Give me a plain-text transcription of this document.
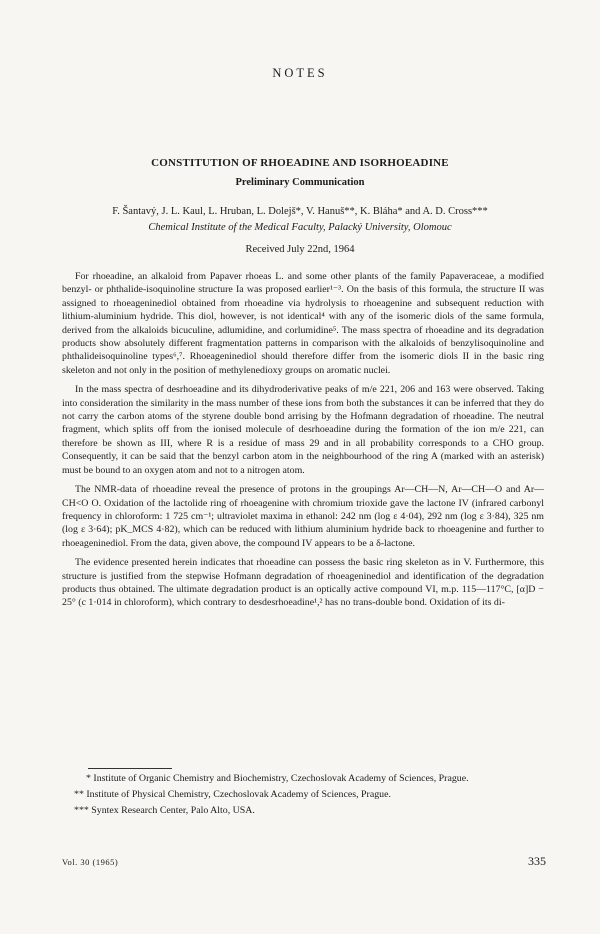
NOTES
CONSTITUTION OF RHOEADINE AND ISORHOEADINE
Preliminary Communication
F. Šantavý, J. L. Kaul, L. Hruban, L. Dolejš*, V. Hanuš**, K. Bláha* and A. D. Cross***
Chemical Institute of the Medical Faculty, Palacký University, Olomouc
Received July 22nd, 1964

For rhoeadine, an alkaloid from Papaver rhoeas L. and some other plants of the family Papaveraceae, a modified benzyl- or phthalide-isoquinoline structure Ia was proposed earlier¹⁻³. On the basis of this formula, the structure II was assigned to rhoeageninediol obtained from rhoeadine via hydrolysis to rhoeagenine and subsequent reduction with lithium-aluminium hydride. This diol, however, is not identical⁴ with any of the isomeric diols of the same formula, derived from the alkaloids bicuculine, adlumidine, and corlumidine⁵. The mass spectra of rhoeadine and its degradation products show absolutely different fragmentation patterns in comparison with the alkaloids of benzylisoquinoline and phthalideisoquinoline types⁶,⁷. Rhoeageninediol should therefore differ from the isomeric diols II in the basic ring skeleton and not only in the position of methylenedioxy groups on aromatic nuclei.

In the mass spectra of desrhoeadine and its dihydroderivative peaks of m/e 221, 206 and 163 were observed. Taking into consideration the similarity in the mass number of these ions from both the substances it can be inferred that they do not carry the carbon atoms of the styrene double bond arrising by the Hofmann degradation of rhoeadine. The neutral fragment, which splits off from the ionised molecule of desrhoeadine during the formation of the ion m/e 221, can therefore be shown as III, where R is a residue of mass 29 and in all probability corresponds to a CHO group. Consequently, it can be said that the benzyl carbon atom in the neighbourhood of the ring A (marked with an asterisk) must be bound to an oxygen atom and not to a nitrogen atom.

The NMR-data of rhoeadine reveal the presence of protons in the groupings Ar—CH—N, Ar—CH—O and Ar—CH<O O. Oxidation of the lactolide ring of rhoeagenine with chromium trioxide gave the lactone IV (infrared carbonyl frequency in chloroform: 1 725 cm⁻¹; ultraviolet maxima in ethanol: 242 nm (log ε 4·04), 292 nm (log ε 3·84), 325 nm (log ε 3·64); pK_MCS 4·82), which can be reduced with lithium aluminium hydride back to rhoeagenine and further to rhoeageninediol. From the data, given above, the compound IV appears to be a δ-lactone.

The evidence presented herein indicates that rhoeadine can possess the basic ring skeleton as in V. Furthermore, this structure is justified from the stepwise Hofmann degradation of rhoeageninediol and identification of the degradation products thus obtained. The ultimate degradation product is an optically active compound VI, m.p. 115—117°C, [α]D − 25° (c 1·014 in chloroform), which contrary to desdesrhoeadine¹,² has no trans-double bond. Oxidation of its di-

* Institute of Organic Chemistry and Biochemistry, Czechoslovak Academy of Sciences, Prague.

** Institute of Physical Chemistry, Czechoslovak Academy of Sciences, Prague.

*** Syntex Research Center, Palo Alto, USA.

Vol. 30 (1965)	335
